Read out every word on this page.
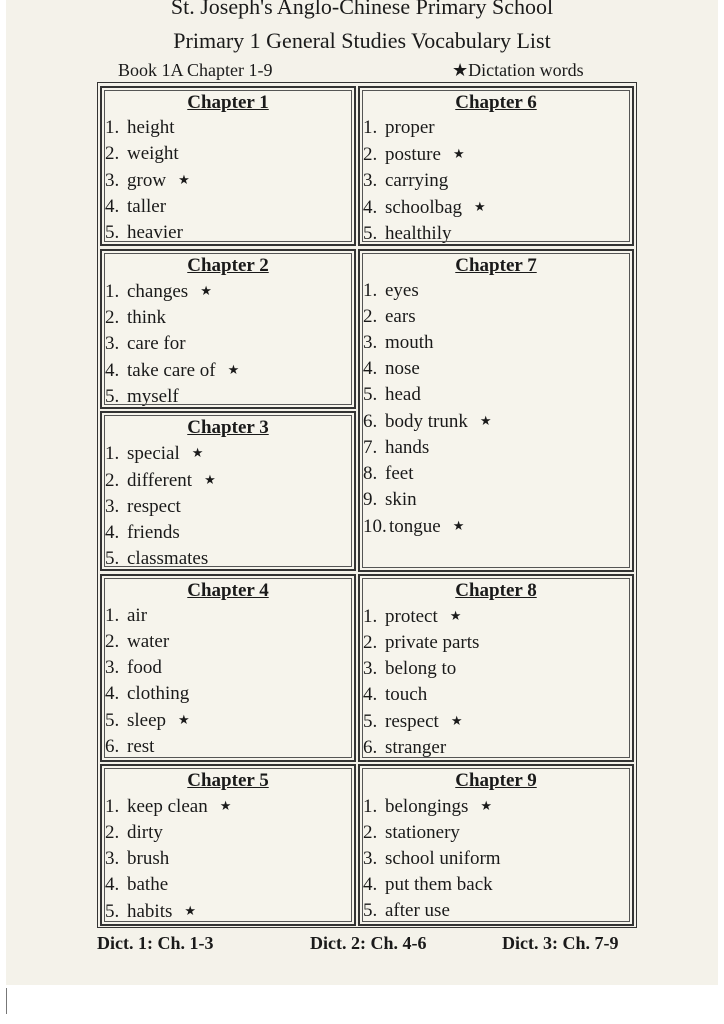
St. Joseph's Anglo-Chinese Primary School
Primary 1 General Studies Vocabulary List
Book 1A Chapter 1-9	★Dictation words
Chapter 1
1. height
2. weight
3. grow ★
4. taller
5. heavier
Chapter 2
1. changes ★
2. think
3. care for
4. take care of ★
5. myself
Chapter 3
1. special ★
2. different ★
3. respect
4. friends
5. classmates
Chapter 4
1. air
2. water
3. food
4. clothing
5. sleep ★
6. rest
Chapter 5
1. keep clean ★
2. dirty
3. brush
4. bathe
5. habits ★
Chapter 6
1. proper
2. posture ★
3. carrying
4. schoolbag ★
5. healthily
Chapter 7
1. eyes
2. ears
3. mouth
4. nose
5. head
6. body trunk ★
7. hands
8. feet
9. skin
10. tongue ★
Chapter 8
1. protect ★
2. private parts
3. belong to
4. touch
5. respect ★
6. stranger
Chapter 9
1. belongings ★
2. stationery
3. school uniform
4. put them back
5. after use
Dict. 1: Ch. 1-3	Dict. 2: Ch. 4-6	Dict. 3: Ch. 7-9
